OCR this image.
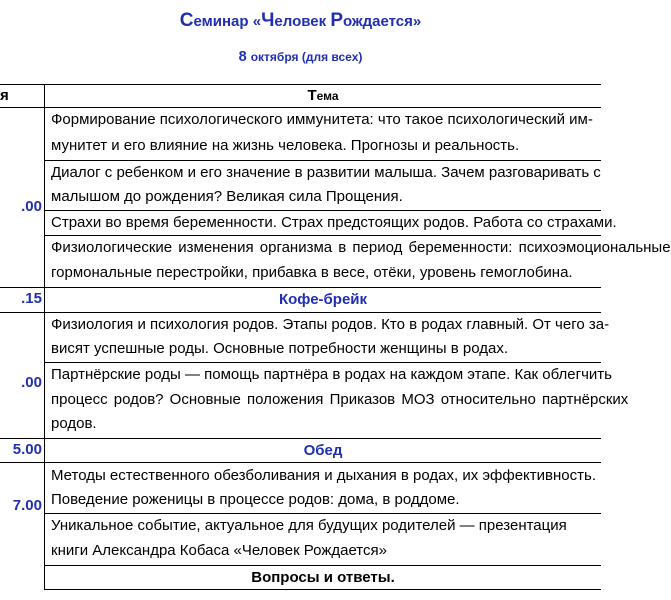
Семинар «Человек Рождается»
8 октября (для всех)
я	Тема
.00
.15
.00
5.00
7.00
Формирование психологического иммунитета: что такое психологический им-
мунитет и его влияние на жизнь человека. Прогнозы и реальность.
Диалог с ребенком и его значение в развитии малыша. Зачем разговаривать с
малышом до рождения? Великая сила Прощения.
Страхи во время беременности. Страх предстоящих родов. Работа со страхами.
Физиологические изменения организма в период беременности: психоэмоциональные
гормональные перестройки, прибавка в весе, отёки, уровень гемоглобина.
Кофе-брейк
Физиология и психология родов. Этапы родов. Кто в родах главный. От чего за-
висят успешные роды. Основные потребности женщины в родах.
Партнёрские роды — помощь партнёра в родах на каждом этапе. Как облегчить
процесс родов? Основные положения Приказов МОЗ относительно партнёрских
родов.
Обед
Методы естественного обезболивания и дыхания в родах, их эффективность.
Поведение роженицы в процессе родов: дома, в роддоме.
Уникальное событие, актуальное для будущих родителей — презентация
книги Александра Кобаса «Человек Рождается»
Вопросы и ответы.
